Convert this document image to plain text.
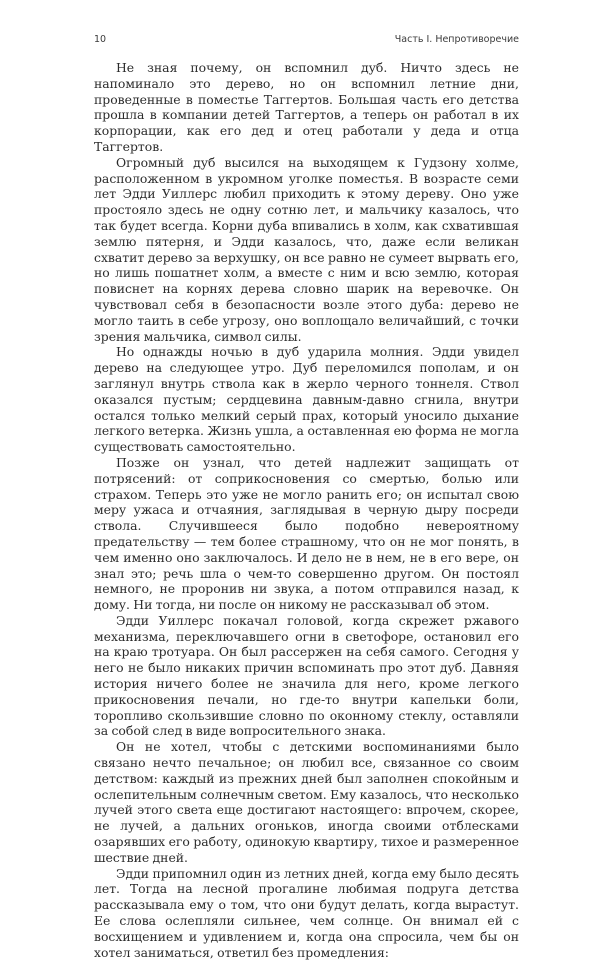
10	Часть I. Непротиворечие

Не зная почему, он вспомнил дуб. Ничто здесь не напоминало это дерево, но он вспомнил летние дни, проведенные в поместье Таггертов. Большая часть его детства прошла в компании детей Таггертов, а теперь он работал в их корпорации, как его дед и отец работали у деда и отца Таггертов.

Огромный дуб высился на выходящем к Гудзону холме, расположенном в укромном уголке поместья. В возрасте семи лет Эдди Уиллерс любил приходить к этому дереву. Оно уже простояло здесь не одну сотню лет, и мальчику казалось, что так будет всегда. Корни дуба впивались в холм, как схватившая землю пятерня, и Эдди казалось, что, даже если великан схватит дерево за верхушку, он все равно не сумеет вырвать его, но лишь пошатнет холм, а вместе с ним и всю землю, которая повиснет на корнях дерева словно шарик на веревочке. Он чувствовал себя в безопасности возле этого дуба: дерево не могло таить в себе угрозу, оно воплощало величайший, с точки зрения мальчика, символ силы.

Но однажды ночью в дуб ударила молния. Эдди увидел дерево на следующее утро. Дуб переломился пополам, и он заглянул внутрь ствола как в жерло черного тоннеля. Ствол оказался пустым; сердцевина давным-давно сгнила, внутри остался только мелкий серый прах, который уносило дыхание легкого ветерка. Жизнь ушла, а оставленная ею форма не могла существовать самостоятельно.

Позже он узнал, что детей надлежит защищать от потрясений: от соприкосновения со смертью, болью или страхом. Теперь это уже не могло ранить его; он испытал свою меру ужаса и отчаяния, заглядывая в черную дыру посреди ствола. Случившееся было подобно невероятному предательству — тем более страшному, что он не мог понять, в чем именно оно заключалось. И дело не в нем, не в его вере, он знал это; речь шла о чем-то совершенно другом. Он постоял немного, не проронив ни звука, а потом отправился назад, к дому. Ни тогда, ни после он никому не рассказывал об этом.

Эдди Уиллерс покачал головой, когда скрежет ржавого механизма, переключавшего огни в светофоре, остановил его на краю тротуара. Он был рассержен на себя самого. Сегодня у него не было никаких причин вспоминать про этот дуб. Давняя история ничего более не значила для него, кроме легкого прикосновения печали, но где-то внутри капельки боли, торопливо скользившие словно по оконному стеклу, оставляли за собой след в виде вопросительного знака.

Он не хотел, чтобы с детскими воспоминаниями было связано нечто печальное; он любил все, связанное со своим детством: каждый из прежних дней был заполнен спокойным и ослепительным солнечным светом. Ему казалось, что несколько лучей этого света еще достигают настоящего: впрочем, скорее, не лучей, а дальних огоньков, иногда своими отблесками озарявших его работу, одинокую квартиру, тихое и размеренное шествие дней.

Эдди припомнил один из летних дней, когда ему было десять лет. Тогда на лесной прогалине любимая подруга детства рассказывала ему о том, что они будут делать, когда вырастут. Ее слова ослепляли сильнее, чем солнце. Он внимал ей с восхищением и удивлением и, когда она спросила, чем бы он хотел заниматься, ответил без промедления:
